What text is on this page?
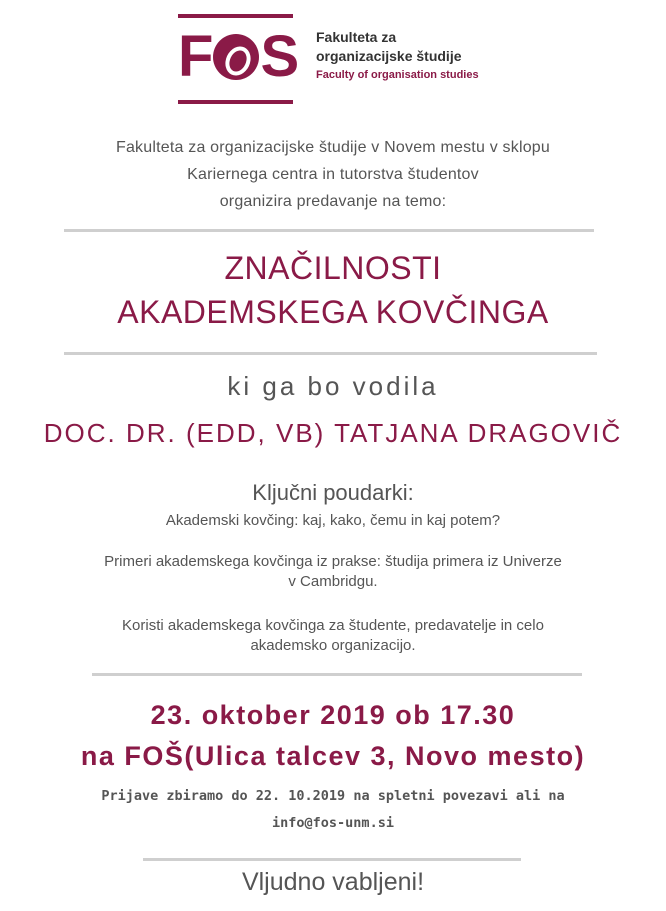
F S Fakulteta za
organizacijske študije
Faculty of organisation studies
Fakulteta za organizacijske študije v Novem mestu v sklopu
Kariernega centra in tutorstva študentov
organizira predavanje na temo:
ZNAČILNOSTI
AKADEMSKEGA KOVČINGA
ki ga bo vodila
DOC. DR. (EDD, VB) TATJANA DRAGOVIČ
Ključni poudarki:
Akademski kovčing: kaj, kako, čemu in kaj potem?
Primeri akademskega kovčinga iz prakse: študija primera iz Univerze
v Cambridgu.
Koristi akademskega kovčinga za študente, predavatelje in celo
akademsko organizacijo.
23. oktober 2019 ob 17.30
na FOŠ(Ulica talcev 3, Novo mesto)
Prijave zbiramo do 22. 10.2019 na spletni povezavi ali na
info@fos-unm.si
Vljudno vabljeni!
